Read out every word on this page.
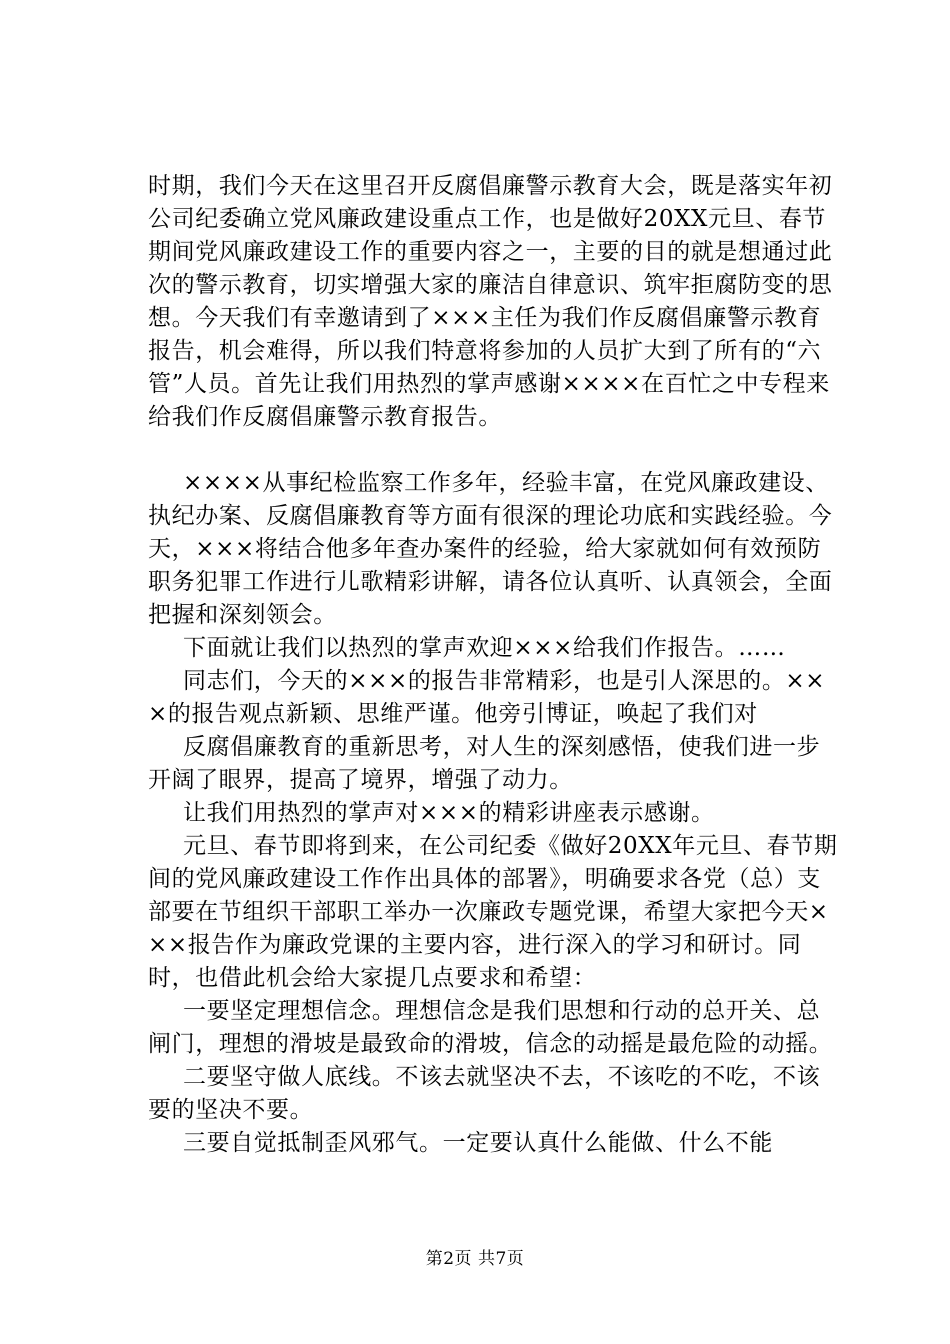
时期，我们今天在这里召开反腐倡廉警示教育大会，既是落实年初公司纪委确立党风廉政建设重点工作，也是做好20XX元旦、春节期间党风廉政建设工作的重要内容之一，主要的目的就是想通过此次的警示教育，切实增强大家的廉洁自律意识、筑牢拒腐防变的思想。今天我们有幸邀请到了×××主任为我们作反腐倡廉警示教育报告，机会难得，所以我们特意将参加的人员扩大到了所有的“六管”人员。首先让我们用热烈的掌声感谢××××在百忙之中专程来给我们作反腐倡廉警示教育报告。

××××从事纪检监察工作多年，经验丰富，在党风廉政建设、执纪办案、反腐倡廉教育等方面有很深的理论功底和实践经验。今天，×××将结合他多年查办案件的经验，给大家就如何有效预防职务犯罪工作进行儿歌精彩讲解，请各位认真听、认真领会，全面把握和深刻领会。

下面就让我们以热烈的掌声欢迎×××给我们作报告。……

同志们，今天的×××的报告非常精彩，也是引人深思的。×××的报告观点新颖、思维严谨。他旁引博证，唤起了我们对

反腐倡廉教育的重新思考，对人生的深刻感悟，使我们进一步开阔了眼界，提高了境界，增强了动力。

让我们用热烈的掌声对×××的精彩讲座表示感谢。

元旦、春节即将到来，在公司纪委《做好20XX年元旦、春节期间的党风廉政建设工作作出具体的部署》，明确要求各党（总）支部要在节组织干部职工举办一次廉政专题党课，希望大家把今天×××报告作为廉政党课的主要内容，进行深入的学习和研讨。同时，也借此机会给大家提几点要求和希望：

一要坚定理想信念。理想信念是我们思想和行动的总开关、总闸门，理想的滑坡是最致命的滑坡，信念的动摇是最危险的动摇。

二要坚守做人底线。不该去就坚决不去，不该吃的不吃，不该要的坚决不要。

三要自觉抵制歪风邪气。一定要认真什么能做、什么不能

第2页 共7页
